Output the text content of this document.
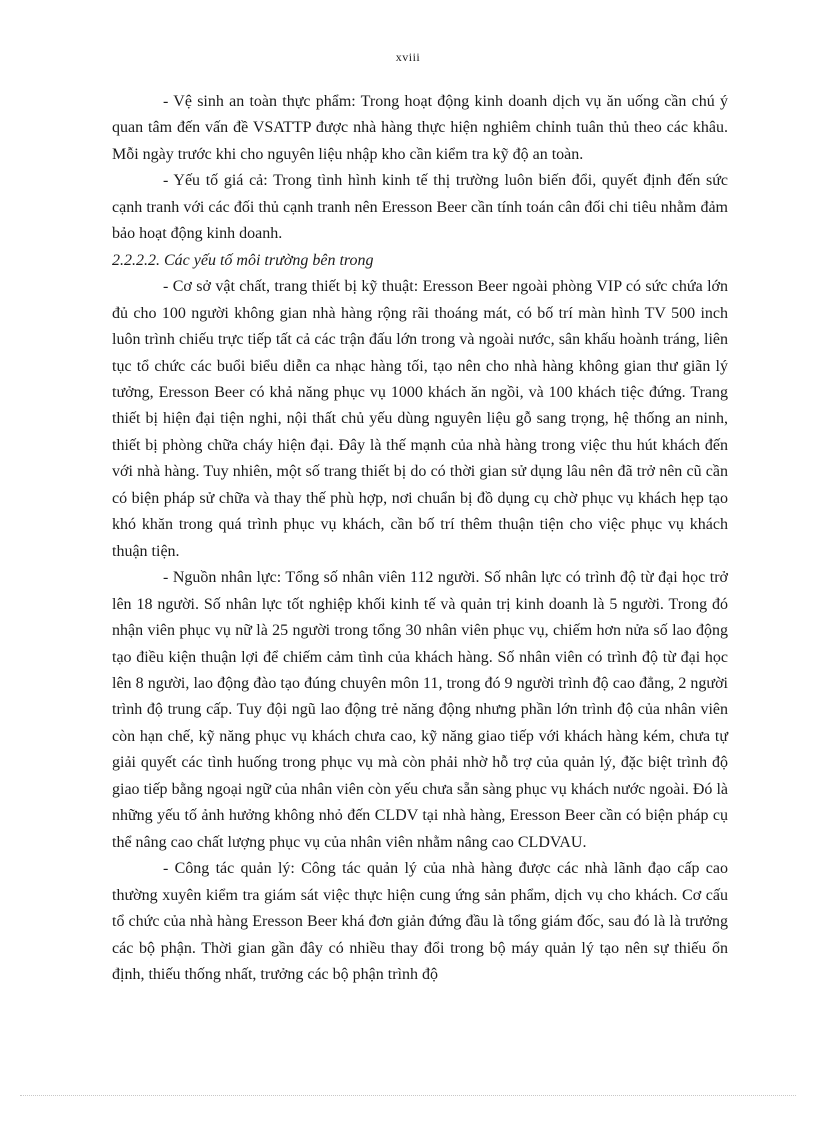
xviii

- Vệ sinh an toàn thực phẩm: Trong hoạt động kinh doanh dịch vụ ăn uống cần chú ý quan tâm đến vấn đề VSATTP được nhà hàng thực hiện nghiêm chỉnh tuân thủ theo các khâu. Mỗi ngày trước khi cho nguyên liệu nhập kho cần kiểm tra kỹ độ an toàn.

- Yếu tố giá cả: Trong tình hình kinh tế thị trường luôn biến đổi, quyết định đến sức cạnh tranh với các đối thủ cạnh tranh nên Eresson Beer cần tính toán cân đối chi tiêu nhằm đảm bảo hoạt động kinh doanh.

2.2.2.2. Các yếu tố môi trường bên trong

- Cơ sở vật chất, trang thiết bị kỹ thuật: Eresson Beer ngoài phòng VIP có sức chứa lớn đủ cho 100 người không gian nhà hàng rộng rãi thoáng mát, có bố trí màn hình TV 500 inch luôn trình chiếu trực tiếp tất cả các trận đấu lớn trong và ngoài nước, sân khấu hoành tráng, liên tục tổ chức các buổi biểu diễn ca nhạc hàng tối, tạo nên cho nhà hàng không gian thư giãn lý tưởng, Eresson Beer có khả năng phục vụ 1000 khách ăn ngồi, và 100 khách tiệc đứng. Trang thiết bị hiện đại tiện nghi, nội thất chủ yếu dùng nguyên liệu gỗ sang trọng, hệ thống an ninh, thiết bị phòng chữa cháy hiện đại. Đây là thế mạnh của nhà hàng trong việc thu hút khách đến với nhà hàng. Tuy nhiên, một số trang thiết bị do có thời gian sử dụng lâu nên đã trở nên cũ cần có biện pháp sử chữa và thay thế phù hợp, nơi chuẩn bị đồ dụng cụ chờ phục vụ khách hẹp tạo khó khăn trong quá trình phục vụ khách, cần bố trí thêm thuận tiện cho việc phục vụ khách thuận tiện.

- Nguồn nhân lực: Tổng số nhân viên 112 người. Số nhân lực có trình độ từ đại học trở lên 18 người. Số nhân lực tốt nghiệp khối kinh tế và quản trị kinh doanh là 5 người. Trong đó nhận viên phục vụ nữ là 25 người trong tổng 30 nhân viên phục vụ, chiếm hơn nửa số lao động tạo điều kiện thuận lợi để chiếm cảm tình của khách hàng. Số nhân viên có trình độ từ đại học lên 8 người, lao động đào tạo đúng chuyên môn 11, trong đó 9 người trình độ cao đẳng, 2 người trình độ trung cấp. Tuy đội ngũ lao động trẻ năng động nhưng phần lớn trình độ của nhân viên còn hạn chế, kỹ năng phục vụ khách chưa cao, kỹ năng giao tiếp với khách hàng kém, chưa tự giải quyết các tình huống trong phục vụ mà còn phải nhờ hỗ trợ của quản lý, đặc biệt trình độ giao tiếp bằng ngoại ngữ của nhân viên còn yếu chưa sẵn sàng phục vụ khách nước ngoài. Đó là những yếu tố ảnh hưởng không nhỏ đến CLDV tại nhà hàng, Eresson Beer cần có biện pháp cụ thể nâng cao chất lượng phục vụ của nhân viên nhằm nâng cao CLDVAU.

- Công tác quản lý: Công tác quản lý của nhà hàng được các nhà lãnh đạo cấp cao thường xuyên kiểm tra giám sát việc thực hiện cung ứng sản phẩm, dịch vụ cho khách. Cơ cấu tổ chức của nhà hàng Eresson Beer khá đơn giản đứng đầu là tổng giám đốc, sau đó là là trưởng các bộ phận. Thời gian gần đây có nhiều thay đổi trong bộ máy quản lý tạo nên sự thiếu ổn định, thiếu thống nhất, trưởng các bộ phận trình độ
